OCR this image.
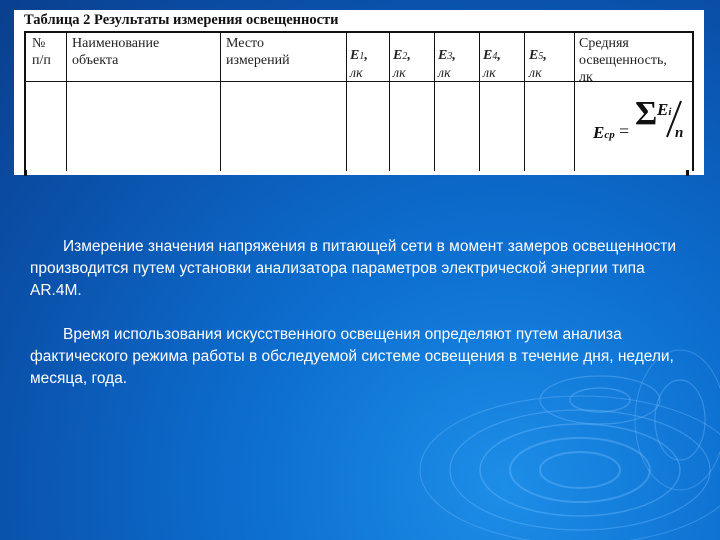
Таблица 2 Результаты измерения освещенности
№
п/п
Наименование
объекта
Место
измерений	E1,
лк
E2,
лк
E3,
лк
E4,
лк
E5,
лк
Средняя
освещенность,
лк
Eср = Σ Ei
n

Измерение значения напряжения в питающей сети в момент замеров освещенности производится путем установки анализатора параметров электрической энергии типа AR.4M.

Время использования искусственного освещения определяют путем анализа фактического режима работы в обследуемой системе освещения в течение дня, недели, месяца, года.
